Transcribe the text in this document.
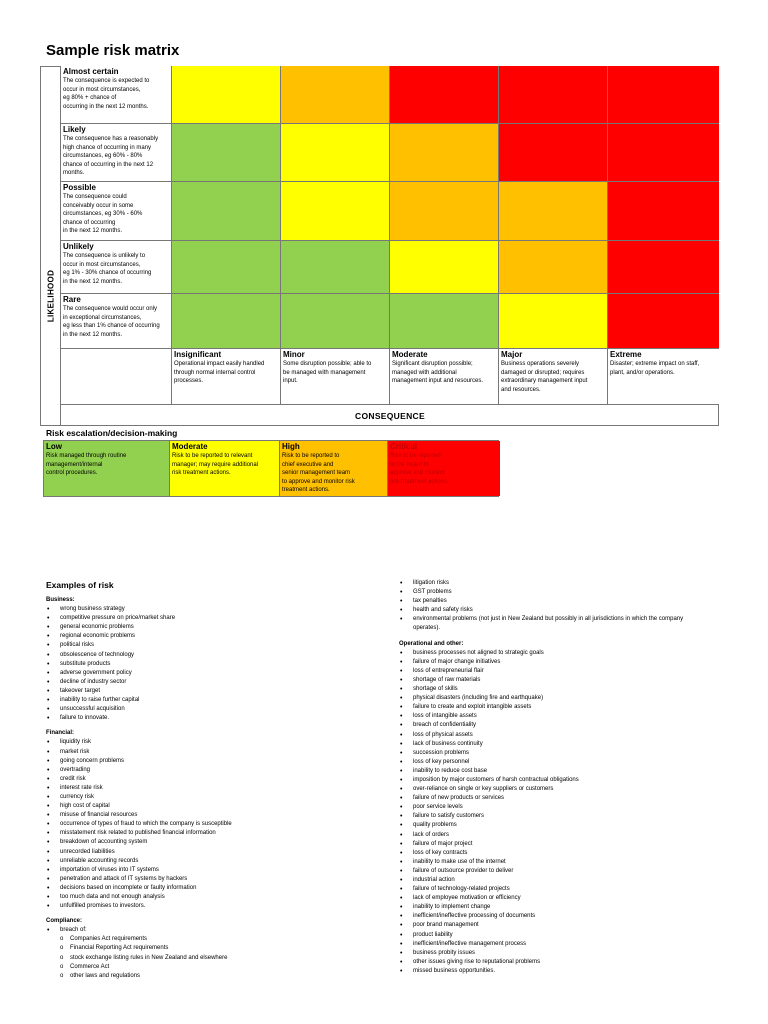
Sample risk matrix
LIKELIHOOD
Almost certain
The consequence is expected to
occur in most circumstances,
eg 80% + chance of
occurring in the next 12 months.
Likely
The consequence has a reasonably
high chance of occurring in many
circumstances, eg 60% - 80%
chance of occurring in the next 12
months.
Possible
The consequence could
conceivably occur in some
circumstances, eg 30% - 60%
chance of occurring
in the next 12 months.
Unlikely
The consequence is unlikely to
occur in most circumstances,
eg 1% - 30% chance of occurring
in the next 12 months.
Rare
The consequence would occur only
in exceptional circumstances,
eg less than 1% chance of occurring
in the next 12 months.
Insignificant
Operational impact easily handled
through normal internal control
processes.
Minor
Some disruption possible; able to
be managed with management
input.
Moderate
Significant disruption possible;
managed with additional
management input and resources.
Major
Business operations severely
damaged or disrupted; requires
extraordinary management input
and resources.
Extreme
Disaster; extreme impact on staff,
plant, and/or operations.
CONSEQUENCE
Risk escalation/decision-making
Low
Risk managed through routine
management/internal
control procedures.
Moderate
Risk to be reported to relevant
manager; may require additional
risk treatment actions.
High
Risk to be reported to
chief executive and
senior management team
to approve and monitor risk
treatment actions.
Critical
Risk to be reported
to the board to
approve and monitor
risk treatment actions.
Examples of risk
Business:
• wrong business strategy
• competitive pressure on price/market share
• general economic problems
• regional economic problems
• political risks
• obsolescence of technology
• substitute products
• adverse government policy
• decline of industry sector
• takeover target
• inability to raise further capital
• unsuccessful acquisition
• failure to innovate.
Financial:
• liquidity risk
• market risk
• going concern problems
• overtrading
• credit risk
• interest rate risk
• currency risk
• high cost of capital
• misuse of financial resources
• occurrence of types of fraud to which the company is susceptible
• misstatement risk related to published financial information
• breakdown of accounting system
• unrecorded liabilities
• unreliable accounting records
• importation of viruses into IT systems
• penetration and attack of IT systems by hackers
• decisions based on incomplete or faulty information
• too much data and not enough analysis
• unfulfilled promises to investors.
Compliance:
• breach of:
o Companies Act requirements
o Financial Reporting Act requirements
o stock exchange listing rules in New Zealand and elsewhere
o Commerce Act
o other laws and regulations
• litigation risks
• GST problems
• tax penalties
• health and safety risks
• environmental problems (not just in New Zealand but possibly in all jurisdictions in which the company
operates).
Operational and other:
• business processes not aligned to strategic goals
• failure of major change initiatives
• loss of entrepreneurial flair
• shortage of raw materials
• shortage of skills
• physical disasters (including fire and earthquake)
• failure to create and exploit intangible assets
• loss of intangible assets
• breach of confidentiality
• loss of physical assets
• lack of business continuity
• succession problems
• loss of key personnel
• inability to reduce cost base
• imposition by major customers of harsh contractual obligations
• over-reliance on single or key suppliers or customers
• failure of new products or services
• poor service levels
• failure to satisfy customers
• quality problems
• lack of orders
• failure of major project
• loss of key contracts
• inability to make use of the internet
• failure of outsource provider to deliver
• industrial action
• failure of technology-related projects
• lack of employee motivation or efficiency
• inability to implement change
• inefficient/ineffective processing of documents
• poor brand management
• product liability
• inefficient/ineffective management process
• business probity issues
• other issues giving rise to reputational problems
• missed business opportunities.
